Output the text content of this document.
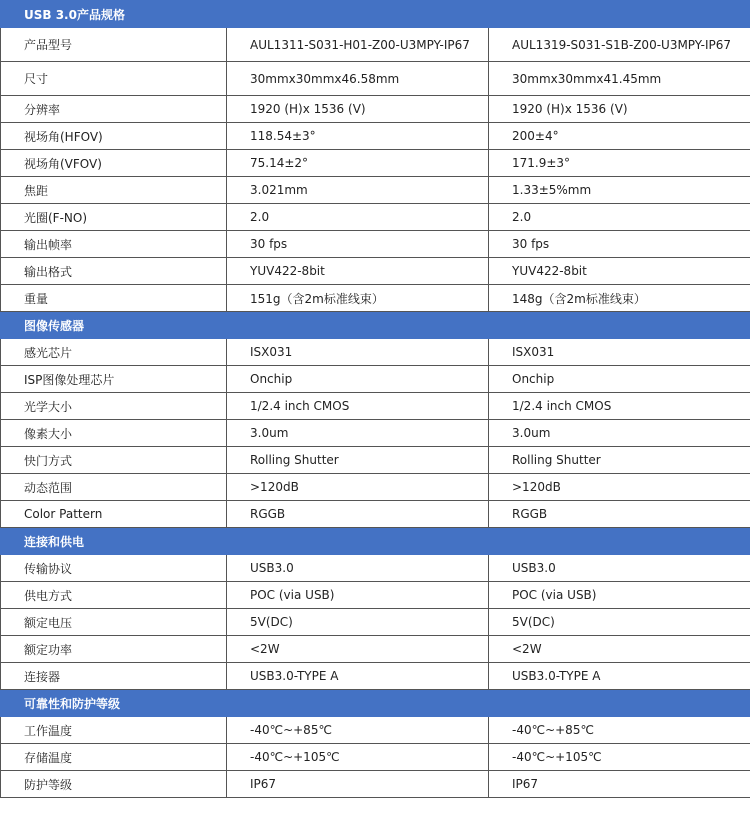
USB 3.0产品规格		
产品型号	AUL1311-S031-H01-Z00-U3MPY-IP67	AUL1319-S031-S1B-Z00-U3MPY-IP67
尺寸	30mmx30mmx46.58mm	30mmx30mmx41.45mm
分辨率	1920 (H)x 1536 (V)	1920 (H)x 1536 (V)
视场角(HFOV)	118.54±3°	200±4°
视场角(VFOV)	75.14±2°	171.9±3°
焦距	3.021mm	1.33±5%mm
光圈(F-NO)	2.0	2.0
输出帧率	30 fps	30 fps
输出格式	YUV422-8bit	YUV422-8bit
重量	151g（含2m标准线束）	148g（含2m标准线束）
图像传感器		
感光芯片	ISX031	ISX031
ISP图像处理芯片	Onchip	Onchip
光学大小	1/2.4 inch CMOS	1/2.4 inch CMOS
像素大小	3.0um	3.0um
快门方式	Rolling Shutter	Rolling Shutter
动态范围	>120dB	>120dB
Color Pattern	RGGB	RGGB
连接和供电		
传输协议	USB3.0	USB3.0
供电方式	POC (via USB)	POC (via USB)
额定电压	5V(DC)	5V(DC)
额定功率	<2W	<2W
连接器	USB3.0-TYPE A	USB3.0-TYPE A
可靠性和防护等级		
工作温度	-40℃~+85℃	-40℃~+85℃
存储温度	-40℃~+105℃	-40℃~+105℃
防护等级	IP67	IP67
